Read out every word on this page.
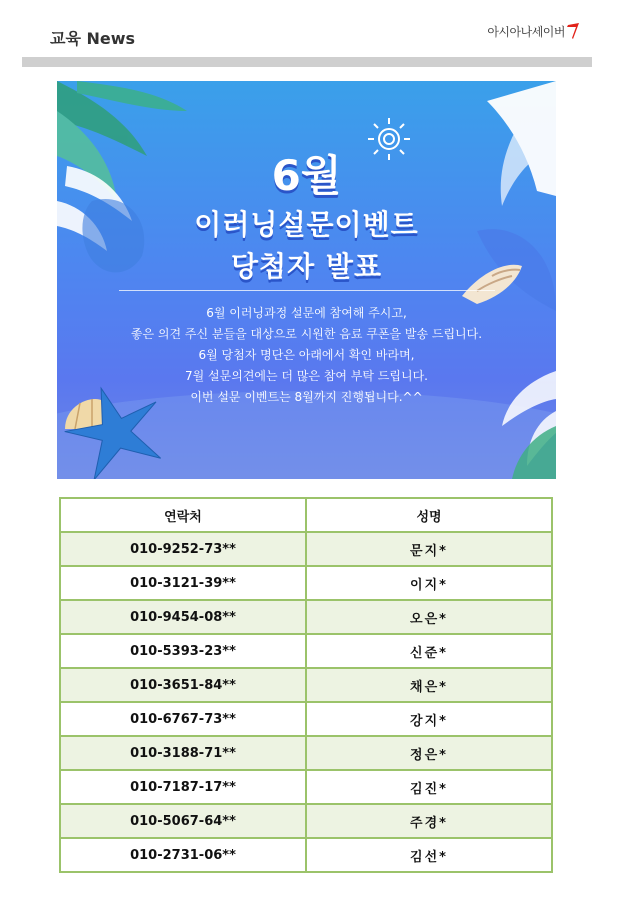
교육 News	아시아나세이버
6월
이러닝설문이벤트
당첨자 발표
6월 이러닝과정 설문에 참여해 주시고,
좋은 의견 주신 분들을 대상으로 시원한 음료 쿠폰을 발송 드립니다.
6월 당첨자 명단은 아래에서 확인 바라며,
7월 설문의견에는 더 많은 참여 부탁 드립니다.
이번 설문 이벤트는 8월까지 진행됩니다.^^
연락처	성명
010-9252-73**	문지*
010-3121-39**	이지*
010-9454-08**	오은*
010-5393-23**	신준*
010-3651-84**	채은*
010-6767-73**	강지*
010-3188-71**	정은*
010-7187-17**	김진*
010-5067-64**	주경*
010-2731-06**	김선*
